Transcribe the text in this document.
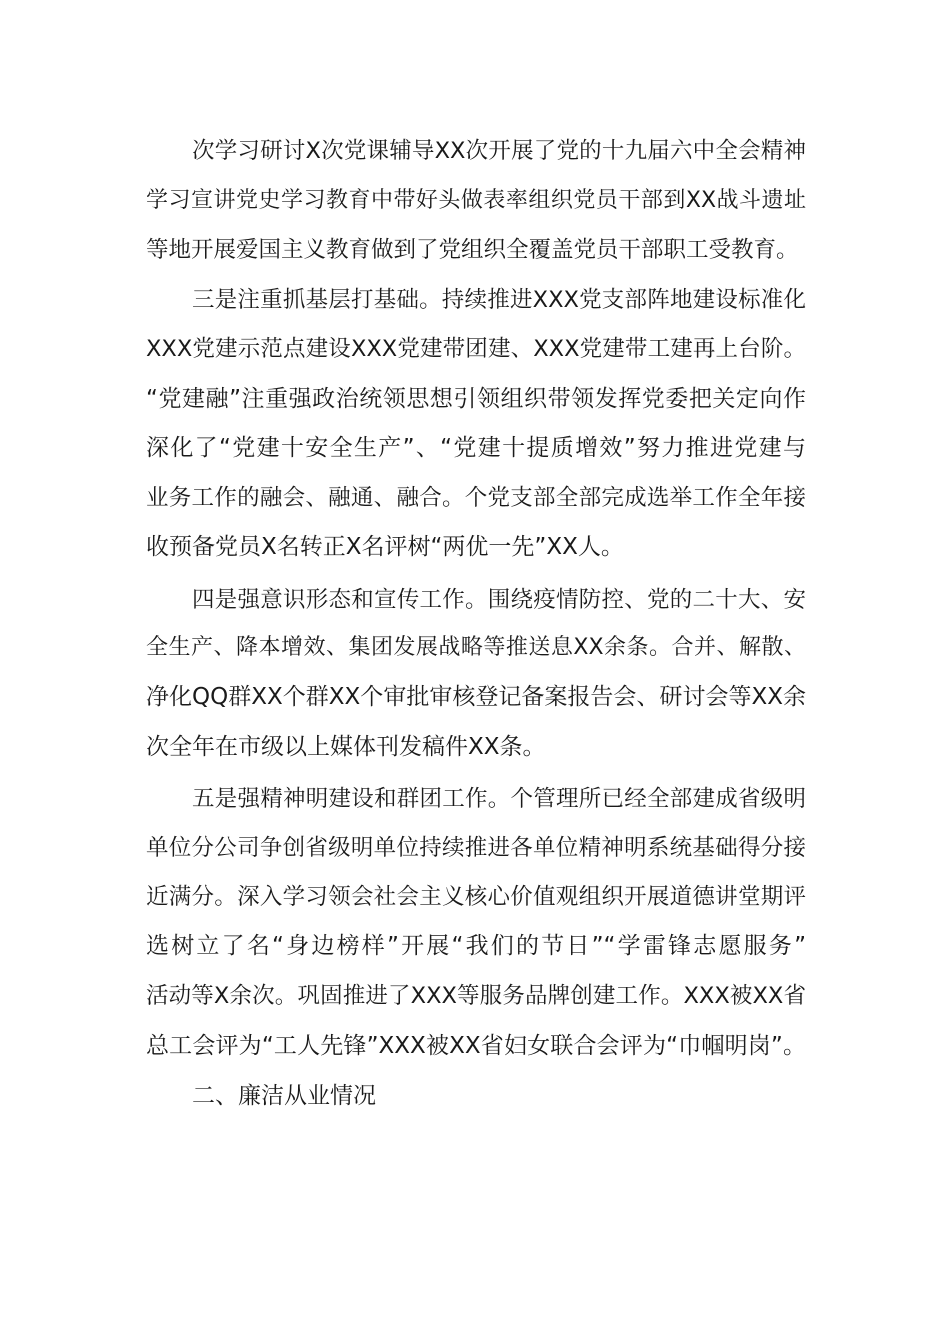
次学习研讨X次党课辅导XX次开展了党的十九届六中全会精神
学习宣讲党史学习教育中带好头做表率组织党员干部到XX战斗遗址
等地开展爱国主义教育做到了党组织全覆盖党员干部职工受教育。
三是注重抓基层打基础。持续推进XXX党支部阵地建设标准化
XXX党建示范点建设XXX党建带团建、XXX党建带工建再上台阶。
“党建融”注重强政治统领思想引领组织带领发挥党委把关定向作
深化了“党建十安全生产”、“党建十提质增效”努力推进党建与
业务工作的融会、融通、融合。个党支部全部完成选举工作全年接
收预备党员X名转正X名评树“两优一先”XX人。
四是强意识形态和宣传工作。围绕疫情防控、党的二十大、安
全生产、降本增效、集团发展战略等推送息XX余条。合并、解散、
净化QQ群XX个群XX个审批审核登记备案报告会、研讨会等XX余
次全年在市级以上媒体刊发稿件XX条。
五是强精神明建设和群团工作。个管理所已经全部建成省级明
单位分公司争创省级明单位持续推进各单位精神明系统基础得分接
近满分。深入学习领会社会主义核心价值观组织开展道德讲堂期评
选树立了名“身边榜样”开展“我们的节日”“学雷锋志愿服务”
活动等X余次。巩固推进了XXX等服务品牌创建工作。XXX被XX省
总工会评为“工人先锋”XXX被XX省妇女联合会评为“巾帼明岗”。
二、廉洁从业情况
